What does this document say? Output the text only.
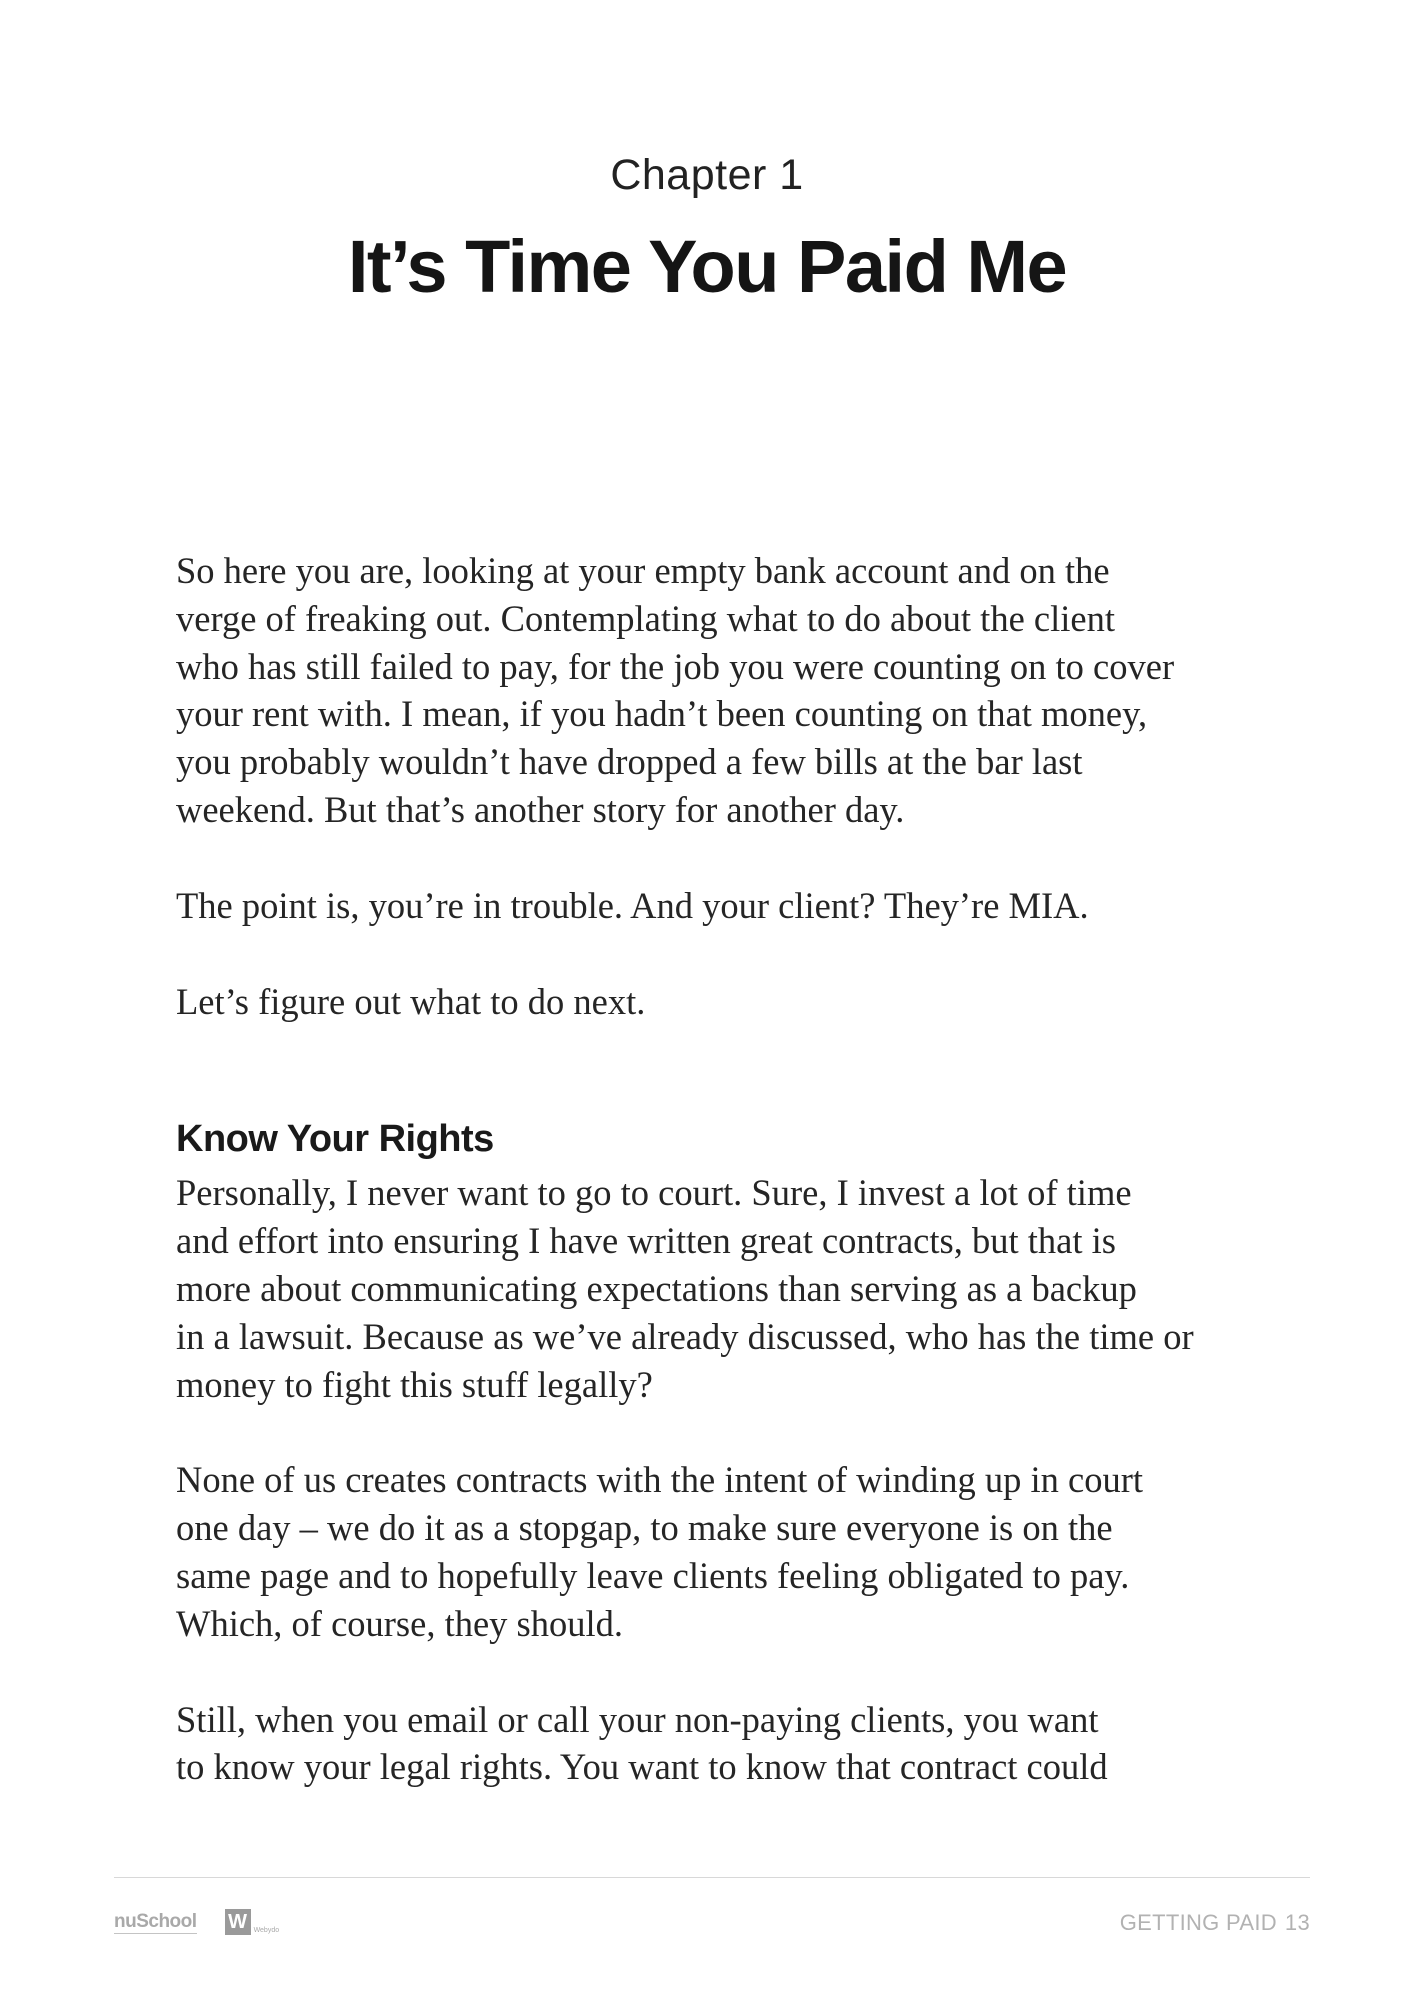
Chapter 1
It’s Time You Paid Me
So here you are, looking at your empty bank account and on the
verge of freaking out. Contemplating what to do about the client
who has still failed to pay, for the job you were counting on to cover
your rent with. I mean, if you hadn’t been counting on that money,
you probably wouldn’t have dropped a few bills at the bar last
weekend. But that’s another story for another day.
The point is, you’re in trouble. And your client? They’re MIA.
Let’s figure out what to do next.
Know Your Rights
Personally, I never want to go to court. Sure, I invest a lot of time
and effort into ensuring I have written great contracts, but that is
more about communicating expectations than serving as a backup
in a lawsuit. Because as we’ve already discussed, who has the time or
money to fight this stuff legally?
None of us creates contracts with the intent of winding up in court
one day – we do it as a stopgap, to make sure everyone is on the
same page and to hopefully leave clients feeling obligated to pay.
Which, of course, they should.
Still, when you email or call your non-paying clients, you want
to know your legal rights. You want to know that contract could
nuSchool W Webydo	GETTING PAID 13
